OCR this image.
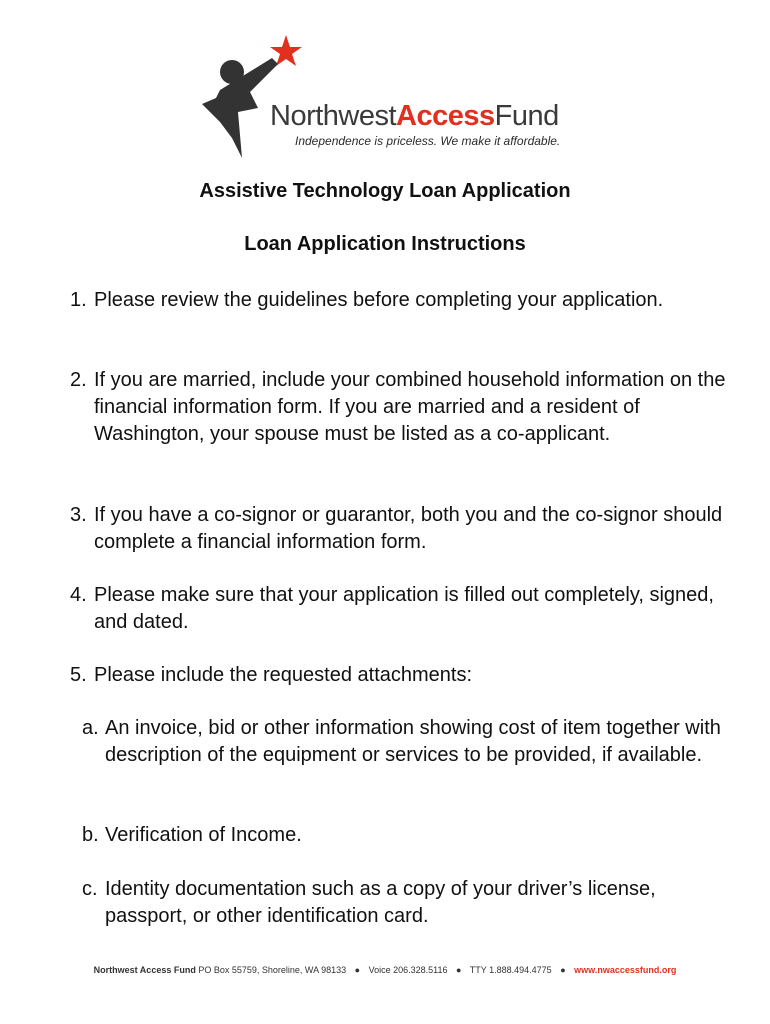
NorthwestAccessFund
Independence is priceless. We make it affordable.
Assistive Technology Loan Application
Loan Application Instructions
1. Please review the guidelines before completing your application.
2. If you are married, include your combined household information on the financial information form. If you are married and a resident of Washington, your spouse must be listed as a co-applicant.
3. If you have a co-signor or guarantor, both you and the co-signor should complete a financial information form.
4. Please make sure that your application is filled out completely, signed, and dated.
5. Please include the requested attachments:
a. An invoice, bid or other information showing cost of item together with description of the equipment or services to be provided, if available.
b. Verification of Income.
c. Identity documentation such as a copy of your driver’s license, passport, or other identification card.
Northwest Access Fund PO Box 55759, Shoreline, WA 98133 ● Voice 206.328.5116 ● TTY 1.888.494.4775 ● www.nwaccessfund.org
